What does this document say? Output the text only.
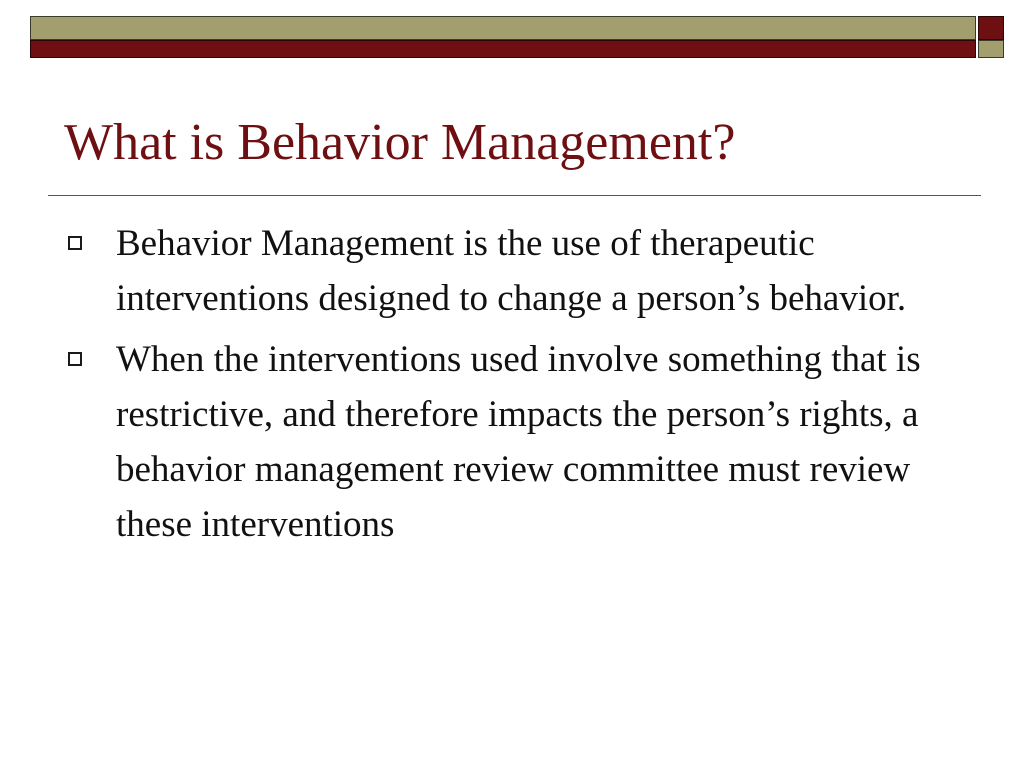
What is Behavior Management?
Behavior Management is the use of therapeutic interventions designed to change a person’s behavior.
When the interventions used involve something that is restrictive, and therefore impacts the person’s rights, a behavior management review committee must review these interventions
